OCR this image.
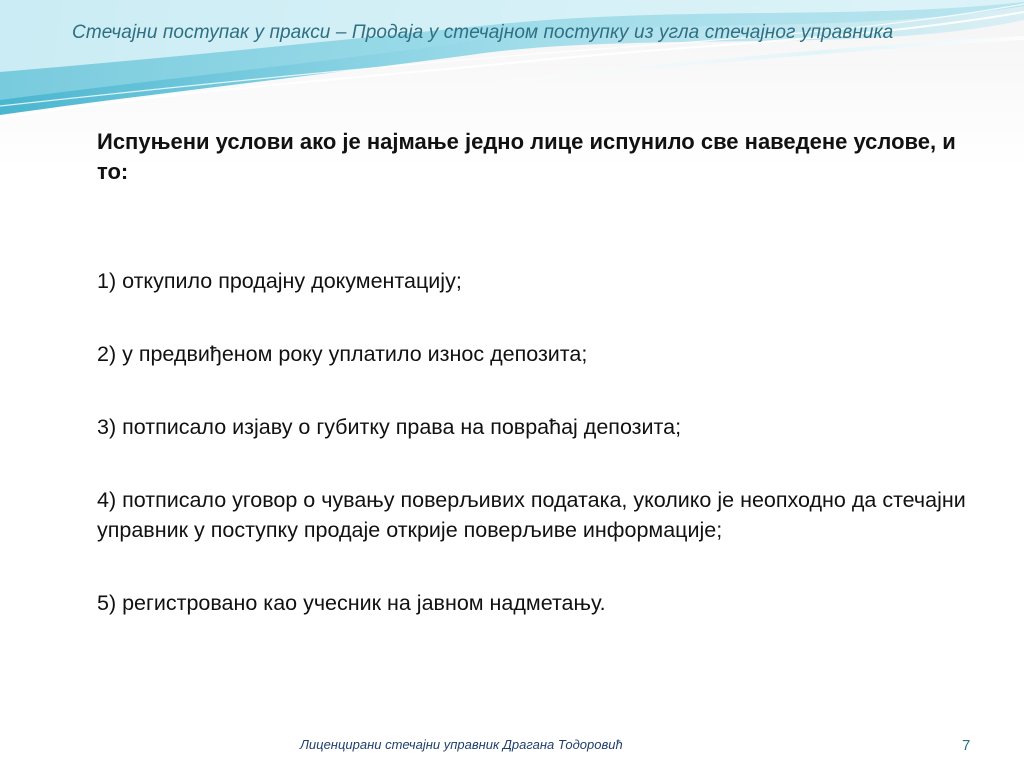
Стечајни поступак у пракси – Продаја у стечајном поступку из угла стечајног управника

Испуњени услови ако је најмање једно лице испунило све наведене услове, и то:

1) откупило продајну документацију;

2) у предвиђеном року уплатило износ депозита;

3) потписало изјаву о губитку права на повраћај депозита;

4) потписало уговор о чувању поверљивих података, уколико је неопходно да стечајни управник у поступку продаје открије поверљиве информације;

5) регистровано као учесник на јавном надметању.

Лиценцирани стечајни управник Драгана Тодоровић	7
